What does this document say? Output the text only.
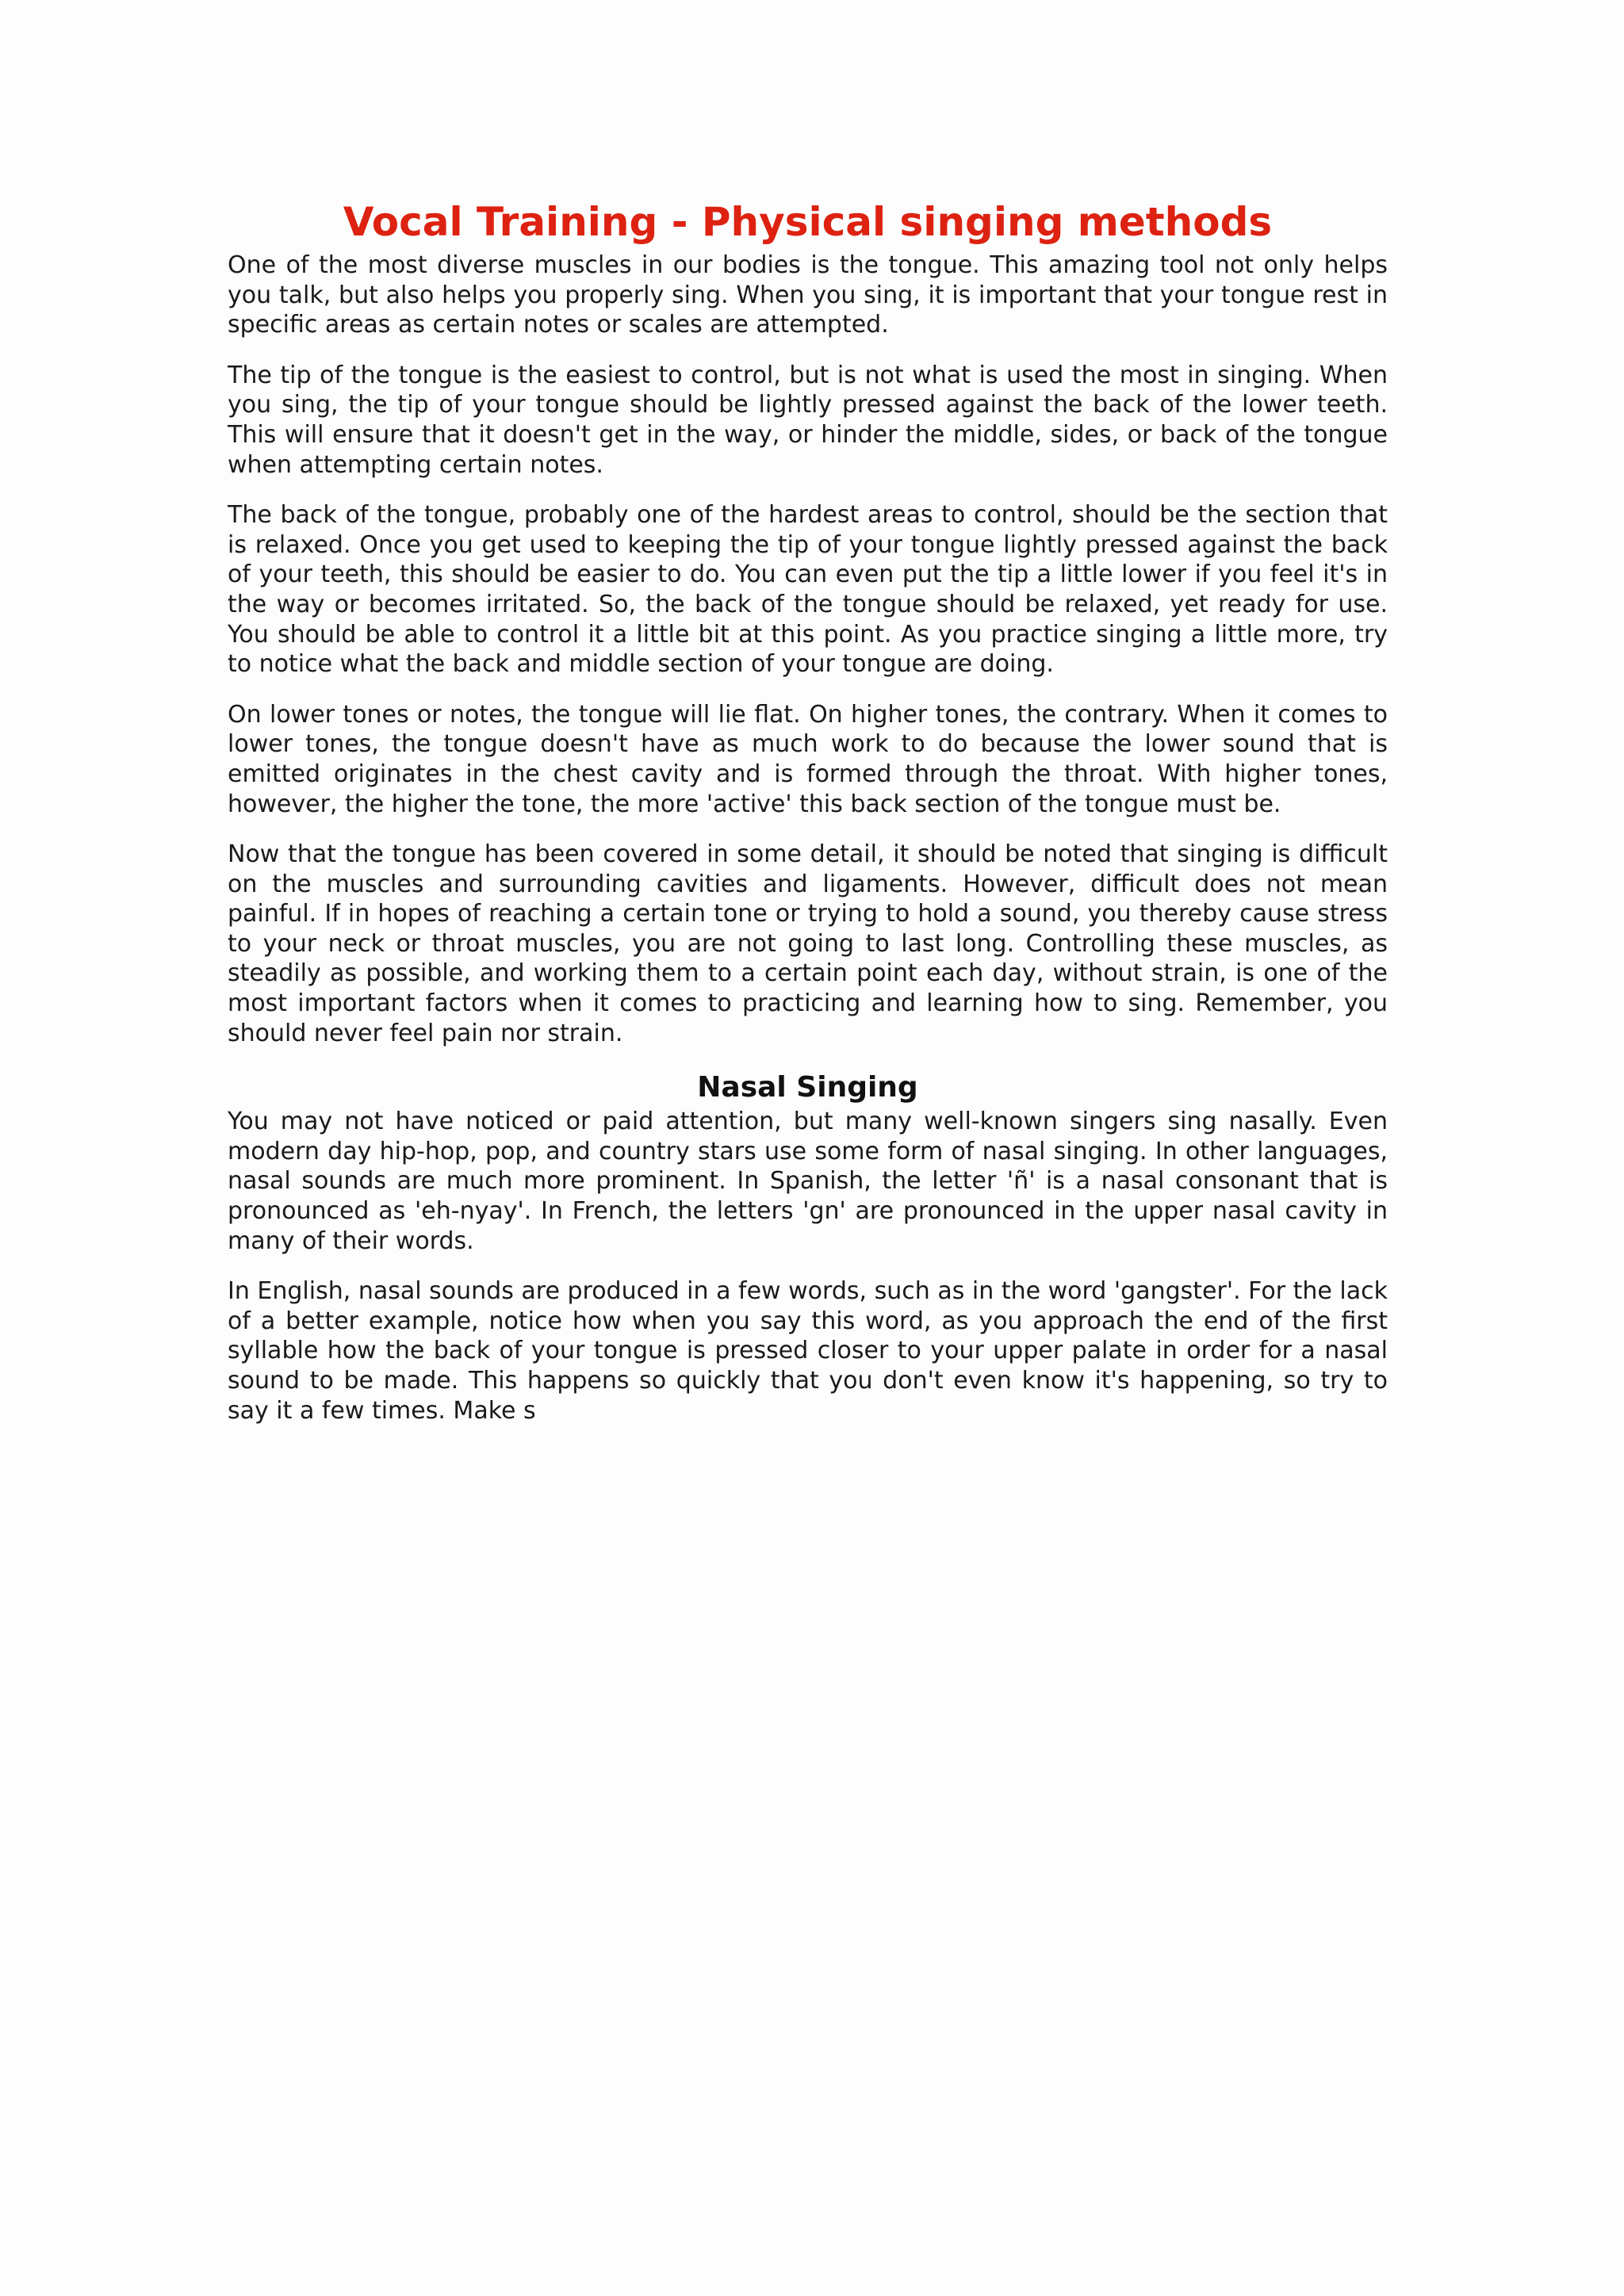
Vocal Training - Physical singing methods

One of the most diverse muscles in our bodies is the tongue. This amazing tool not only helps you talk, but also helps you properly sing. When you sing, it is important that your tongue rest in specific areas as certain notes or scales are attempted.

The tip of the tongue is the easiest to control, but is not what is used the most in singing. When you sing, the tip of your tongue should be lightly pressed against the back of the lower teeth. This will ensure that it doesn't get in the way, or hinder the middle, sides, or back of the tongue when attempting certain notes.

The back of the tongue, probably one of the hardest areas to control, should be the section that is relaxed. Once you get used to keeping the tip of your tongue lightly pressed against the back of your teeth, this should be easier to do. You can even put the tip a little lower if you feel it's in the way or becomes irritated. So, the back of the tongue should be relaxed, yet ready for use. You should be able to control it a little bit at this point. As you practice singing a little more, try to notice what the back and middle section of your tongue are doing.

On lower tones or notes, the tongue will lie flat. On higher tones, the contrary. When it comes to lower tones, the tongue doesn't have as much work to do because the lower sound that is emitted originates in the chest cavity and is formed through the throat. With higher tones, however, the higher the tone, the more 'active' this back section of the tongue must be.

Now that the tongue has been covered in some detail, it should be noted that singing is difficult on the muscles and surrounding cavities and ligaments. However, difficult does not mean painful. If in hopes of reaching a certain tone or trying to hold a sound, you thereby cause stress to your neck or throat muscles, you are not going to last long. Controlling these muscles, as steadily as possible, and working them to a certain point each day, without strain, is one of the most important factors when it comes to practicing and learning how to sing. Remember, you should never feel pain nor strain.

Nasal Singing

You may not have noticed or paid attention, but many well-known singers sing nasally. Even modern day hip-hop, pop, and country stars use some form of nasal singing. In other languages, nasal sounds are much more prominent. In Spanish, the letter 'ñ' is a nasal consonant that is pronounced as 'eh-nyay'. In French, the letters 'gn' are pronounced in the upper nasal cavity in many of their words.

In English, nasal sounds are produced in a few words, such as in the word 'gangster'. For the lack of a better example, notice how when you say this word, as you approach the end of the first syllable how the back of your tongue is pressed closer to your upper palate in order for a nasal sound to be made. This happens so quickly that you don't even know it's happening, so try to say it a few times. Make s
